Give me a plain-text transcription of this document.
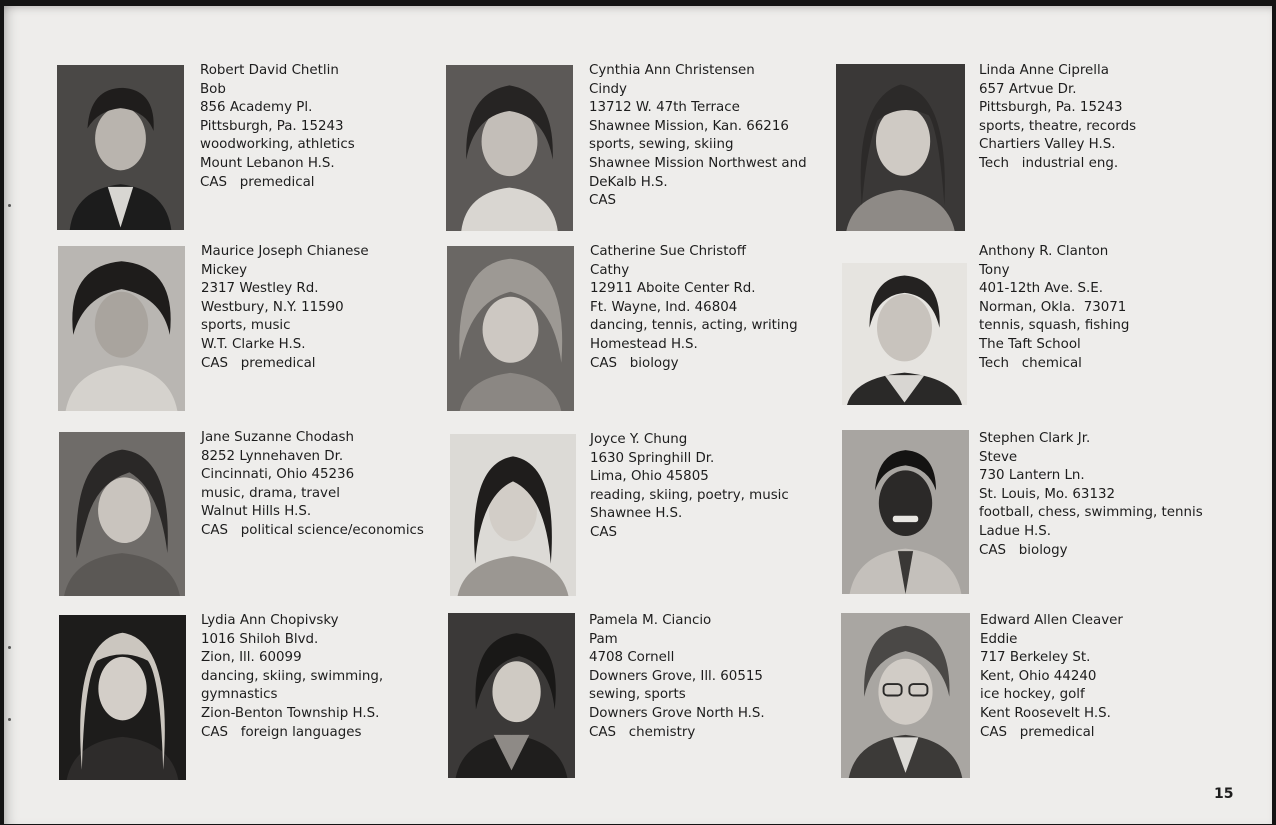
Robert David Chetlin
Bob
856 Academy Pl.
Pittsburgh, Pa. 15243
woodworking, athletics
Mount Lebanon H.S.
CAS   premedical
Cynthia Ann Christensen
Cindy
13712 W. 47th Terrace
Shawnee Mission, Kan. 66216
sports, sewing, skiing
Shawnee Mission Northwest and
DeKalb H.S.
CAS
Linda Anne Ciprella
657 Artvue Dr.
Pittsburgh, Pa. 15243
sports, theatre, records
Chartiers Valley H.S.
Tech   industrial eng.
Maurice Joseph Chianese
Mickey
2317 Westley Rd.
Westbury, N.Y. 11590
sports, music
W.T. Clarke H.S.
CAS   premedical
Catherine Sue Christoff
Cathy
12911 Aboite Center Rd.
Ft. Wayne, Ind. 46804
dancing, tennis, acting, writing
Homestead H.S.
CAS   biology
Anthony R. Clanton
Tony
401-12th Ave. S.E.
Norman, Okla.  73071
tennis, squash, fishing
The Taft School
Tech   chemical
Jane Suzanne Chodash
8252 Lynnehaven Dr.
Cincinnati, Ohio 45236
music, drama, travel
Walnut Hills H.S.
CAS   political science/economics
Joyce Y. Chung
1630 Springhill Dr.
Lima, Ohio 45805
reading, skiing, poetry, music
Shawnee H.S.
CAS
Stephen Clark Jr.
Steve
730 Lantern Ln.
St. Louis, Mo. 63132
football, chess, swimming, tennis
Ladue H.S.
CAS   biology
Lydia Ann Chopivsky
1016 Shiloh Blvd.
Zion, Ill. 60099
dancing, skiing, swimming,
gymnastics
Zion-Benton Township H.S.
CAS   foreign languages
Pamela M. Ciancio
Pam
4708 Cornell
Downers Grove, Ill. 60515
sewing, sports
Downers Grove North H.S.
CAS   chemistry
Edward Allen Cleaver
Eddie
717 Berkeley St.
Kent, Ohio 44240
ice hockey, golf
Kent Roosevelt H.S.
CAS   premedical
15
